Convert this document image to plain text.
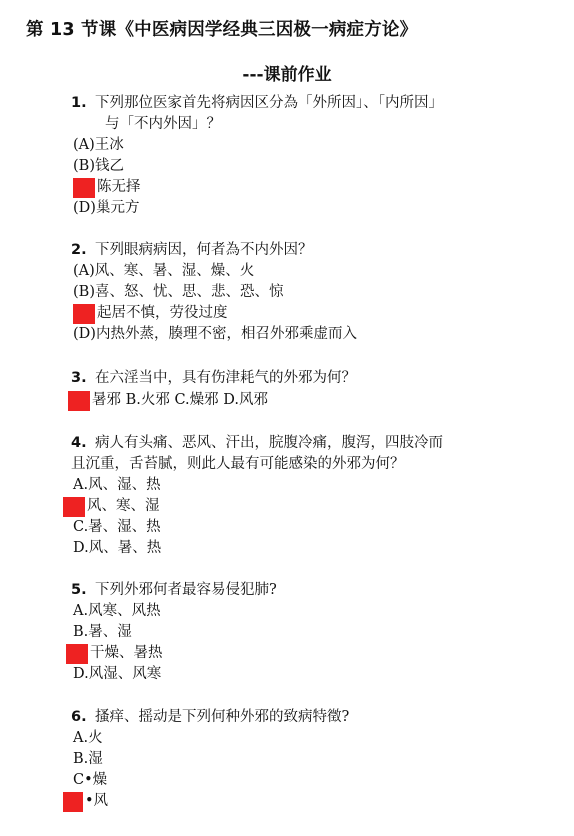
第 13 节课《中医病因学经典三因极一病症方论》
---课前作业
1. 下列那位医家首先将病因区分為「外所因」、「内所因」
与「不内外因」？
(A)王冰
(B)钱乙
陈无择
(D)巢元方
2. 下列眼病病因，何者為不内外因？
(A)风、寒、暑、湿、燥、火
(B)喜、怒、忧、思、悲、恐、惊
起居不慎，劳役过度
(D)内热外蒸，腠理不密，相召外邪乘虚而入
3. 在六淫当中，具有伤津耗气的外邪为何？
暑邪 B.火邪 C.燥邪 D.风邪
4. 病人有头痛、恶风、汗出，脘腹冷痛，腹泻，四肢冷而
且沉重，舌苔腻，则此人最有可能感染的外邪为何？
A.风、湿、热
风、寒、湿
C.暑、湿、热
D.风、暑、热
5. 下列外邪何者最容易侵犯肺?
A.风寒、风热
B.暑、湿
干燥、暑热
D.风湿、风寒
6. 搔痒、摇动是下列何种外邪的致病特徵?
A.火
B.湿
C•燥
•风
